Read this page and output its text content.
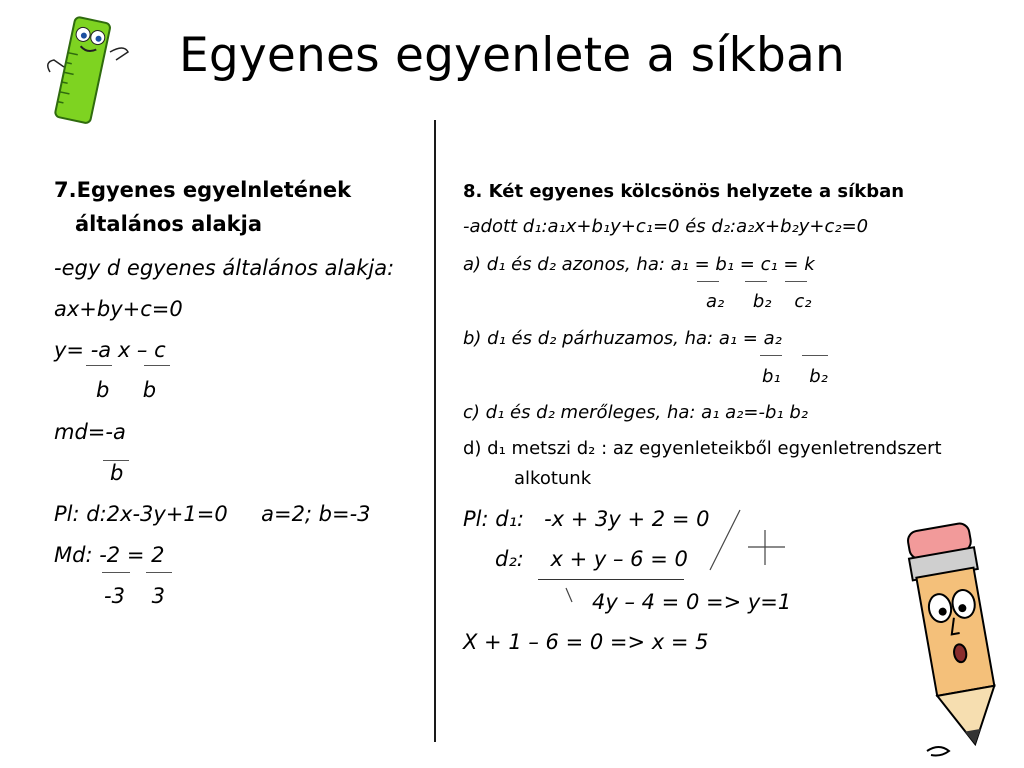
Egyenes egyenlete a síkban
7.Egyenes egyelnletének
általános alakja
-egy d egyenes általános alakja:
ax+by+c=0
y= -a x – c
b     b
md=-a
b
Pl: d:2x-3y+1=0     a=2; b=-3
Md: -2 = 2
-3    3
8. Két egyenes kölcsönös helyzete a síkban
-adott d₁:a₁x+b₁y+c₁=0 és d₂:a₂x+b₂y+c₂=0
a) d₁ és d₂ azonos, ha: a₁ = b₁ = c₁ = k
a₂     b₂    c₂
b) d₁ és d₂ párhuzamos, ha: a₁ = a₂
b₁     b₂
c) d₁ és d₂ merőleges, ha: a₁ a₂=-b₁ b₂
d) d₁ metszi d₂ : az egyenleteikből egyenletrendszert
alkotunk
Pl: d₁:   -x + 3y + 2 = 0
d₂:    x + y – 6 = 0
4y – 4 = 0 => y=1
X + 1 – 6 = 0 => x = 5
